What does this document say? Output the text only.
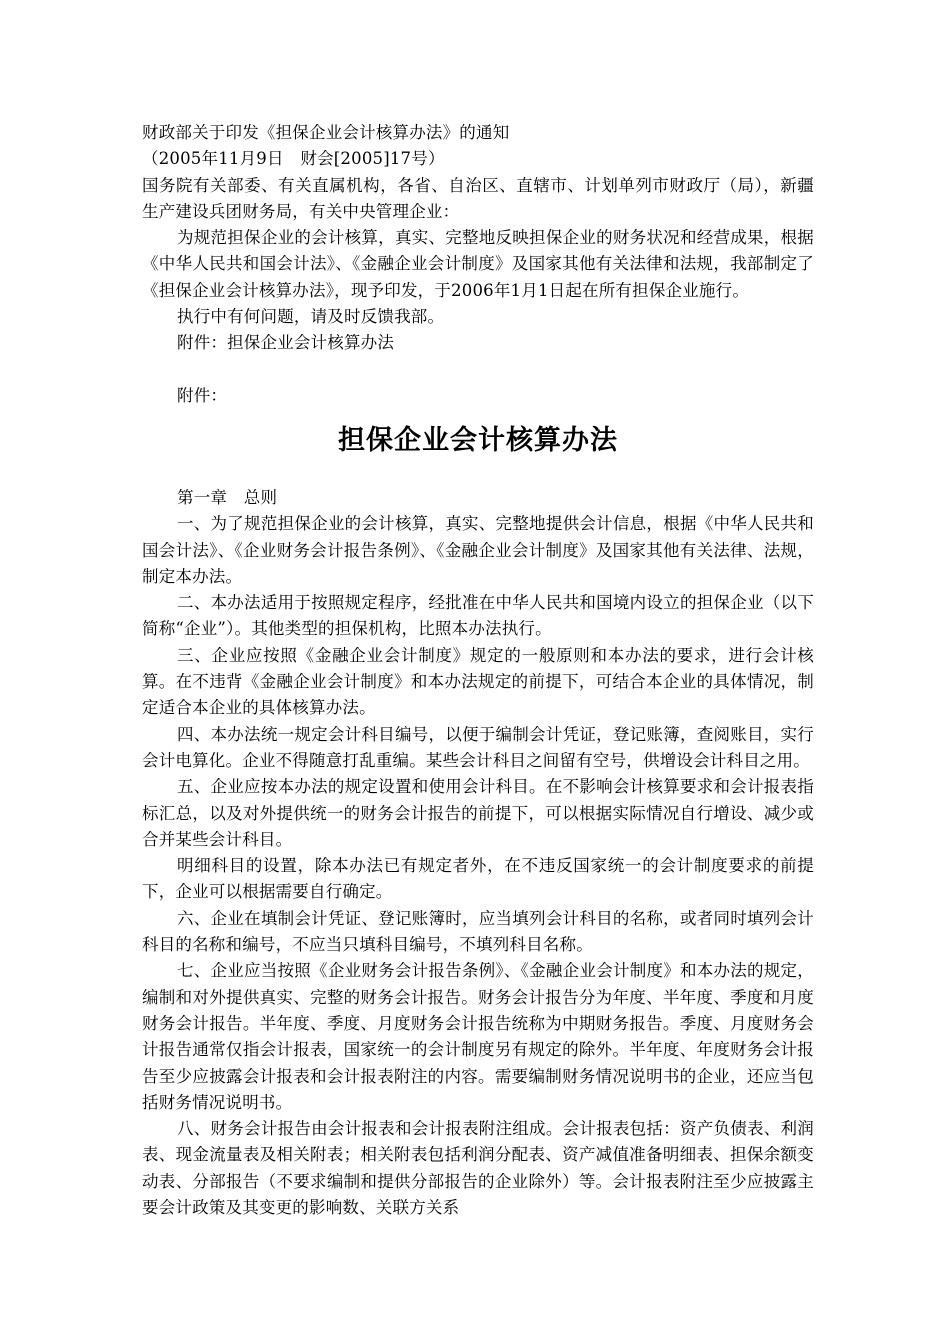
财政部关于印发《担保企业会计核算办法》的通知

（2005年11月9日　财会[2005]17号）

国务院有关部委、有关直属机构，各省、自治区、直辖市、计划单列市财政厅（局），新疆生产建设兵团财务局，有关中央管理企业：

为规范担保企业的会计核算，真实、完整地反映担保企业的财务状况和经营成果，根据《中华人民共和国会计法》、《金融企业会计制度》及国家其他有关法律和法规，我部制定了《担保企业会计核算办法》，现予印发，于2006年1月1日起在所有担保企业施行。

执行中有何问题，请及时反馈我部。

附件：担保企业会计核算办法

附件：

担保企业会计核算办法

第一章　总则

一、为了规范担保企业的会计核算，真实、完整地提供会计信息，根据《中华人民共和国会计法》、《企业财务会计报告条例》、《金融企业会计制度》及国家其他有关法律、法规，制定本办法。

二、本办法适用于按照规定程序，经批准在中华人民共和国境内设立的担保企业（以下简称“企业”）。其他类型的担保机构，比照本办法执行。

三、企业应按照《金融企业会计制度》规定的一般原则和本办法的要求，进行会计核算。在不违背《金融企业会计制度》和本办法规定的前提下，可结合本企业的具体情况，制定适合本企业的具体核算办法。

四、本办法统一规定会计科目编号，以便于编制会计凭证，登记账簿，查阅账目，实行会计电算化。企业不得随意打乱重编。某些会计科目之间留有空号，供增设会计科目之用。

五、企业应按本办法的规定设置和使用会计科目。在不影响会计核算要求和会计报表指标汇总，以及对外提供统一的财务会计报告的前提下，可以根据实际情况自行增设、减少或合并某些会计科目。

明细科目的设置，除本办法已有规定者外，在不违反国家统一的会计制度要求的前提下，企业可以根据需要自行确定。

六、企业在填制会计凭证、登记账簿时，应当填列会计科目的名称，或者同时填列会计科目的名称和编号，不应当只填科目编号，不填列科目名称。

七、企业应当按照《企业财务会计报告条例》、《金融企业会计制度》和本办法的规定，编制和对外提供真实、完整的财务会计报告。财务会计报告分为年度、半年度、季度和月度财务会计报告。半年度、季度、月度财务会计报告统称为中期财务报告。季度、月度财务会计报告通常仅指会计报表，国家统一的会计制度另有规定的除外。半年度、年度财务会计报告至少应披露会计报表和会计报表附注的内容。需要编制财务情况说明书的企业，还应当包括财务情况说明书。

八、财务会计报告由会计报表和会计报表附注组成。会计报表包括：资产负债表、利润表、现金流量表及相关附表；相关附表包括利润分配表、资产减值准备明细表、担保余额变动表、分部报告（不要求编制和提供分部报告的企业除外）等。会计报表附注至少应披露主要会计政策及其变更的影响数、关联方关系
